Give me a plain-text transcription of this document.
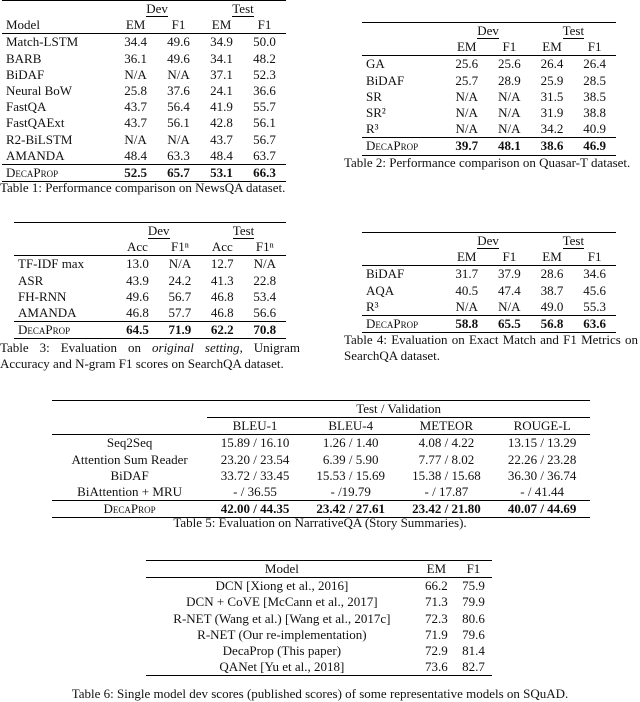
	Dev		Test	
Model	EM	F1	EM	F1
Match-LSTM	34.4	49.6	34.9	50.0
BARB	36.1	49.6	34.1	48.2
BiDAF	N/A	N/A	37.1	52.3
Neural BoW	25.8	37.6	24.1	36.6
FastQA	43.7	56.4	41.9	55.7
FastQAExt	43.7	56.1	42.8	56.1
R2-BiLSTM	N/A	N/A	43.7	56.7
AMANDA	48.4	63.3	48.4	63.7
DecaProp	52.5	65.7	53.1	66.3
Table 1: Performance comparison on NewsQA dataset.
	Dev		Test	
	EM	F1	EM	F1
GA	25.6	25.6	26.4	26.4
BiDAF	25.7	28.9	25.9	28.5
SR	N/A	N/A	31.5	38.5
SR²	N/A	N/A	31.9	38.8
R³	N/A	N/A	34.2	40.9
DecaProp	39.7	48.1	38.6	46.9
Table 2: Performance comparison on Quasar-T dataset.
	Dev		Test	
	Acc	F1ⁿ	Acc	F1ⁿ
TF-IDF max	13.0	N/A	12.7	N/A
ASR	43.9	24.2	41.3	22.8
FH-RNN	49.6	56.7	46.8	53.4
AMANDA	46.8	57.7	46.8	56.6
DecaProp	64.5	71.9	62.2	70.8
Table 3: Evaluation on original setting, Unigram Accuracy and N-gram F1 scores on SearchQA dataset.
	Dev		Test	
	EM	F1	EM	F1
BiDAF	31.7	37.9	28.6	34.6
AQA	40.5	47.4	38.7	45.6
R³	N/A	N/A	49.0	55.3
DecaProp	58.8	65.5	56.8	63.6
Table 4: Evaluation on Exact Match and F1 Metrics on SearchQA dataset.
	Test / Validation			
	BLEU-1	BLEU-4	METEOR	ROUGE-L
Seq2Seq	15.89 / 16.10	1.26 / 1.40	4.08 / 4.22	13.15 / 13.29
Attention Sum Reader	23.20 / 23.54	6.39 / 5.90	7.77 / 8.02	22.26 / 23.28
BiDAF	33.72 / 33.45	15.53 / 15.69	15.38 / 15.68	36.30 / 36.74
BiAttention + MRU	- / 36.55	- /19.79	- / 17.87	- / 41.44
DecaProp	42.00 / 44.35	23.42 / 27.61	23.42 / 21.80	40.07 / 44.69
Table 5: Evaluation on NarrativeQA (Story Summaries).
Model	EM	F1
DCN [Xiong et al., 2016]	66.2	75.9
DCN + CoVE [McCann et al., 2017]	71.3	79.9
R-NET (Wang et al.) [Wang et al., 2017c]	72.3	80.6
R-NET (Our re-implementation)	71.9	79.6
DecaProp (This paper)	72.9	81.4
QANet [Yu et al., 2018]	73.6	82.7
Table 6: Single model dev scores (published scores) of some representative models on SQuAD.
